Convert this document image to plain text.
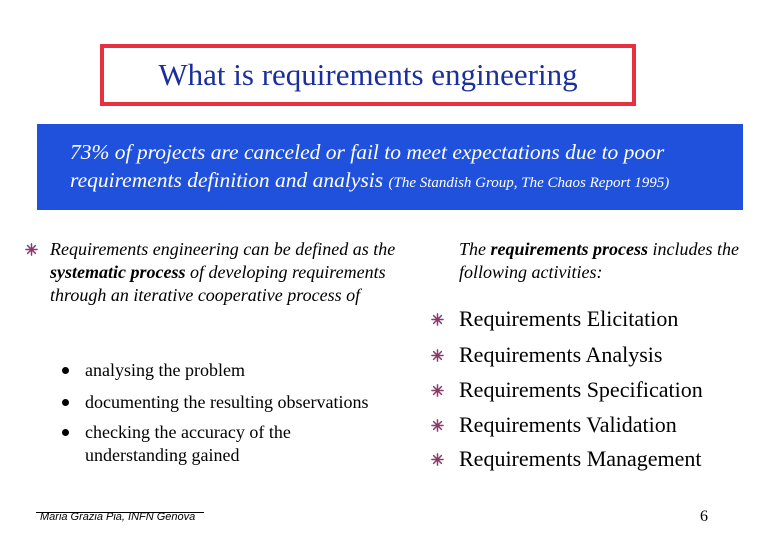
What is requirements engineering
73% of projects are canceled or fail to meet expectations due to poor requirements definition and analysis (The Standish Group, The Chaos Report 1995)
Requirements engineering can be defined as the systematic process of developing requirements through an iterative cooperative process of
analysing the problem
documenting the resulting observations
checking the accuracy of the understanding gained
The requirements process includes the following activities:
Requirements Elicitation
Requirements Analysis
Requirements Specification
Requirements Validation
Requirements Management
Maria Grazia Pia, INFN Genova	6
